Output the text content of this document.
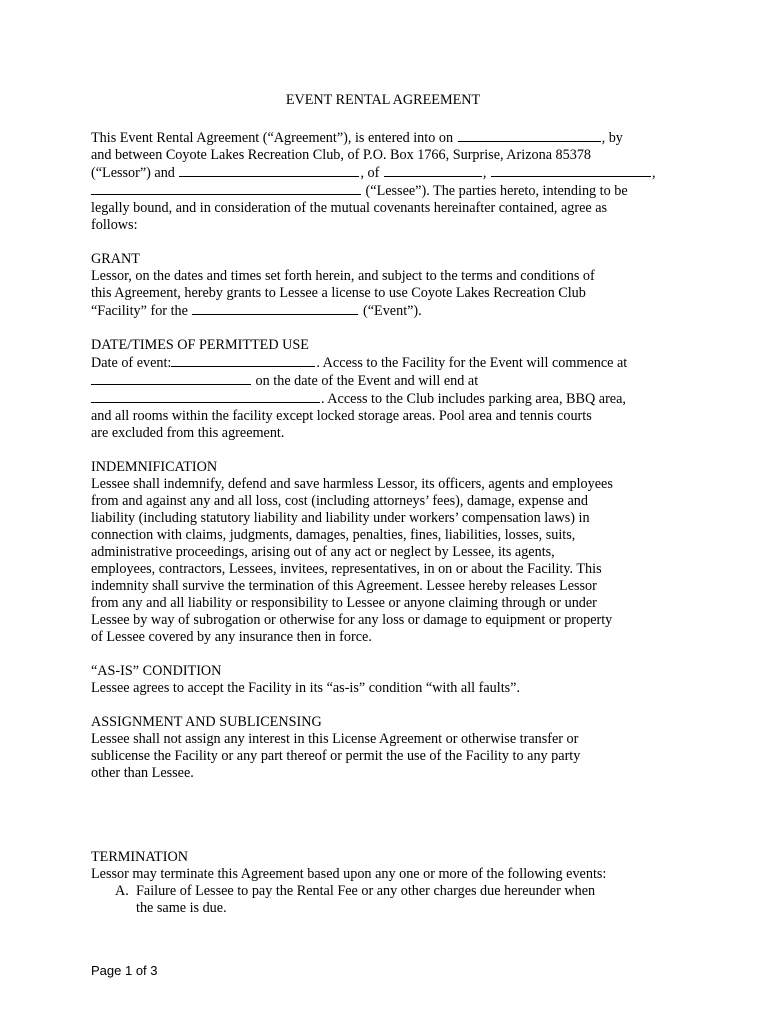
EVENT RENTAL AGREEMENT
This Event Rental Agreement (“Agreement”), is entered into on	, by
and between Coyote Lakes Recreation Club, of P.O. Box 1766, Surprise, Arizona 85378
(“Lessor”) and	, of	,	,
(“Lessee”). The parties hereto, intending to be
legally bound, and in consideration of the mutual covenants hereinafter contained, agree as
follows:
GRANT
Lessor, on the dates and times set forth herein, and subject to the terms and conditions of
this Agreement, hereby grants to Lessee a license to use Coyote Lakes Recreation Club
“Facility” for the	(“Event”).
DATE/TIMES OF PERMITTED USE
Date of event:	. Access to the Facility for the Event will commence at
on the date of the Event and will end at
. Access to the Club includes parking area, BBQ area,
and all rooms within the facility except locked storage areas. Pool area and tennis courts
are excluded from this agreement.
INDEMNIFICATION
Lessee shall indemnify, defend and save harmless Lessor, its officers, agents and employees
from and against any and all loss, cost (including attorneys’ fees), damage, expense and
liability (including statutory liability and liability under workers’ compensation laws) in
connection with claims, judgments, damages, penalties, fines, liabilities, losses, suits,
administrative proceedings, arising out of any act or neglect by Lessee, its agents,
employees, contractors, Lessees, invitees, representatives, in on or about the Facility. This
indemnity shall survive the termination of this Agreement. Lessee hereby releases Lessor
from any and all liability or responsibility to Lessee or anyone claiming through or under
Lessee by way of subrogation or otherwise for any loss or damage to equipment or property
of Lessee covered by any insurance then in force.
“AS-IS” CONDITION
Lessee agrees to accept the Facility in its “as-is” condition “with all faults”.
ASSIGNMENT AND SUBLICENSING
Lessee shall not assign any interest in this License Agreement or otherwise transfer or
sublicense the Facility or any part thereof or permit the use of the Facility to any party
other than Lessee.
TERMINATION
Lessor may terminate this Agreement based upon any one or more of the following events:
A. Failure of Lessee to pay the Rental Fee or any other charges due hereunder when
the same is due.
Page 1 of 3
